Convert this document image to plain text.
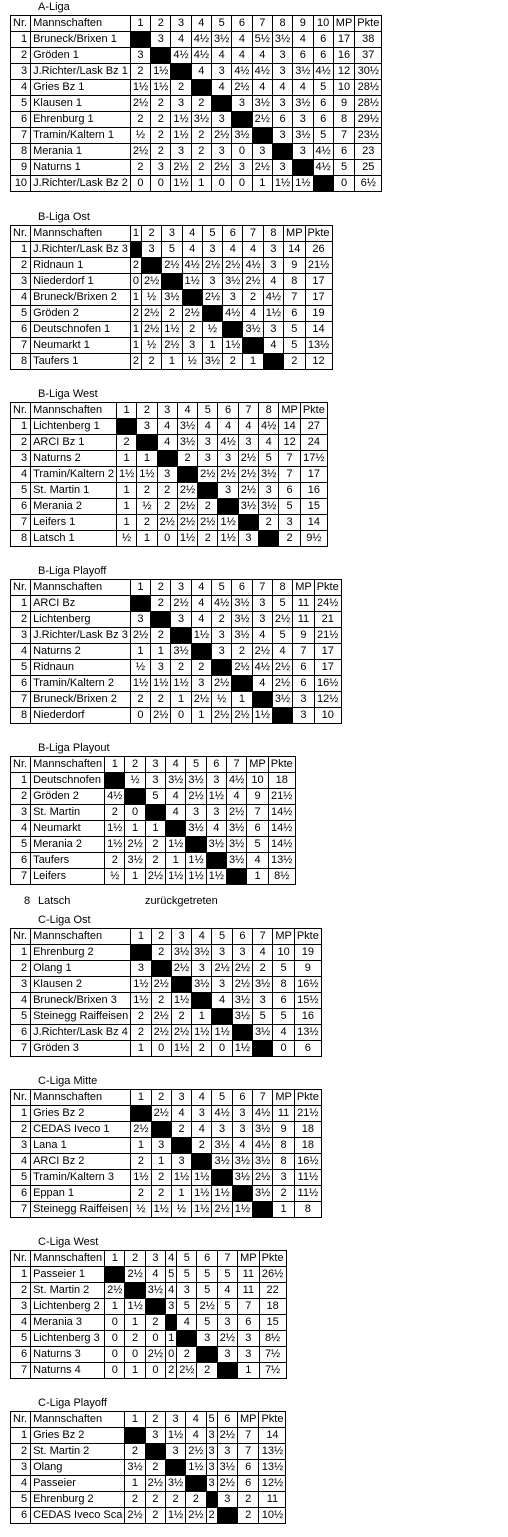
A-Liga
Nr.	Mannschaften	1	2	3	4	5	6	7	8	9	10	MP	Pkte
1	Bruneck/Brixen 1		3	4	4½	3½	4	5½	3½	4	6	17	38
2	Gröden 1	3		4½	4½	4	4	4	3	6	6	16	37
3	J.Richter/Lask Bz 1	2	1½		4	3	4½	4½	3	3½	4½	12	30½
4	Gries Bz 1	1½	1½	2		4	2½	4	4	4	5	10	28½
5	Klausen 1	2½	2	3	2		3	3½	3	3½	6	9	28½
6	Ehrenburg 1	2	2	1½	3½	3		2½	6	3	6	8	29½
7	Tramin/Kaltern 1	½	2	1½	2	2½	3½		3	3½	5	7	23½
8	Merania 1	2½	2	3	2	3	0	3		3	4½	6	23
9	Naturns 1	2	3	2½	2	2½	3	2½	3		4½	5	25
10	J.Richter/Lask Bz 2	0	0	1½	1	0	0	1	1½	1½		0	6½
B-Liga Ost
Nr.	Mannschaften	1	2	3	4	5	6	7	8	MP	Pkte
1	J.Richter/Lask Bz 3		3	5	4	3	4	4	3	14	26
2	Ridnaun 1	2		2½	4½	2½	2½	4½	3	9	21½
3	Niederdorf 1	0	2½		1½	3	3½	2½	4	8	17
4	Bruneck/Brixen 2	1	½	3½		2½	3	2	4½	7	17
5	Gröden 2	2	2½	2	2½		4½	4	1½	6	19
6	Deutschnofen 1	1	2½	1½	2	½		3½	3	5	14
7	Neumarkt 1	1	½	2½	3	1	1½		4	5	13½
8	Taufers 1	2	2	1	½	3½	2	1		2	12
B-Liga West
Nr.	Mannschaften	1	2	3	4	5	6	7	8	MP	Pkte
1	Lichtenberg 1		3	4	3½	4	4	4	4½	14	27
2	ARCI Bz 1	2		4	3½	3	4½	3	4	12	24
3	Naturns 2	1	1		2	3	3	2½	5	7	17½
4	Tramin/Kaltern 2	1½	1½	3		2½	2½	2½	3½	7	17
5	St. Martin 1	1	2	2	2½		3	2½	3	6	16
6	Merania 2	1	½	2	2½	2		3½	3½	5	15
7	Leifers 1	1	2	2½	2½	2½	1½		2	3	14
8	Latsch 1	½	1	0	1½	2	1½	3		2	9½
B-Liga Playoff
Nr.	Mannschaften	1	2	3	4	5	6	7	8	MP	Pkte
1	ARCI Bz		2	2½	4	4½	3½	3	5	11	24½
2	Lichtenberg	3		3	4	2	3½	3	2½	11	21
3	J.Richter/Lask Bz 3	2½	2		1½	3	3½	4	5	9	21½
4	Naturns 2	1	1	3½		3	2	2½	4	7	17
5	Ridnaun	½	3	2	2		2½	4½	2½	6	17
6	Tramin/Kaltern 2	1½	1½	1½	3	2½		4	2½	6	16½
7	Bruneck/Brixen 2	2	2	1	2½	½	1		3½	3	12½
8	Niederdorf	0	2½	0	1	2½	2½	1½		3	10
B-Liga Playout
Nr.	Mannschaften	1	2	3	4	5	6	7	MP	Pkte
1	Deutschnofen		½	3	3½	3½	3	4½	10	18
2	Gröden 2	4½		5	4	2½	1½	4	9	21½
3	St. Martin	2	0		4	3	3	2½	7	14½
4	Neumarkt	1½	1	1		3½	4	3½	6	14½
5	Merania 2	1½	2½	2	1½		3½	3½	5	14½
6	Taufers	2	3½	2	1	1½		3½	4	13½
7	Leifers	½	1	2½	1½	1½	1½		1	8½
8 Latsch	zurückgetreten
C-Liga Ost
Nr.	Mannschaften	1	2	3	4	5	6	7	MP	Pkte
1	Ehrenburg 2		2	3½	3½	3	3	4	10	19
2	Olang 1	3		2½	3	2½	2½	2	5	9
3	Klausen 2	1½	2½		3½	3	2½	3½	8	16½
4	Bruneck/Brixen 3	1½	2	1½		4	3½	3	6	15½
5	Steinegg Raiffeisen	2	2½	2	1		3½	5	5	16
6	J.Richter/Lask Bz 4	2	2½	2½	1½	1½		3½	4	13½
7	Gröden 3	1	0	1½	2	0	1½		0	6
C-Liga Mitte
Nr.	Mannschaften	1	2	3	4	5	6	7	MP	Pkte
1	Gries Bz 2		2½	4	3	4½	3	4½	11	21½
2	CEDAS Iveco 1	2½		2	4	3	3	3½	9	18
3	Lana 1	1	3		2	3½	4	4½	8	18
4	ARCI Bz 2	2	1	3		3½	3½	3½	8	16½
5	Tramin/Kaltern 3	1½	2	1½	1½		3½	2½	3	11½
6	Eppan 1	2	2	1	1½	1½		3½	2	11½
7	Steinegg Raiffeisen	½	1½	½	1½	2½	1½		1	8
C-Liga West
Nr.	Mannschaften	1	2	3	4	5	6	7	MP	Pkte
1	Passeier 1		2½	4	5	5	5	5	11	26½
2	St. Martin 2	2½		3½	4	3	5	4	11	22
3	Lichtenberg 2	1	1½		3	5	2½	5	7	18
4	Merania 3	0	1	2		4	5	3	6	15
5	Lichtenberg 3	0	2	0	1		3	2½	3	8½
6	Naturns 3	0	0	2½	0	2		3	3	7½
7	Naturns 4	0	1	0	2	2½	2		1	7½
C-Liga Playoff
Nr.	Mannschaften	1	2	3	4	5	6	MP	Pkte
1	Gries Bz 2		3	1½	4	3	2½	7	14
2	St. Martin 2	2		3	2½	3	3	7	13½
3	Olang	3½	2		1½	3	3½	6	13½
4	Passeier	1	2½	3½		3	2½	6	12½
5	Ehrenburg 2	2	2	2	2		3	2	11
6	CEDAS Iveco Sca	2½	2	1½	2½	2		2	10½
